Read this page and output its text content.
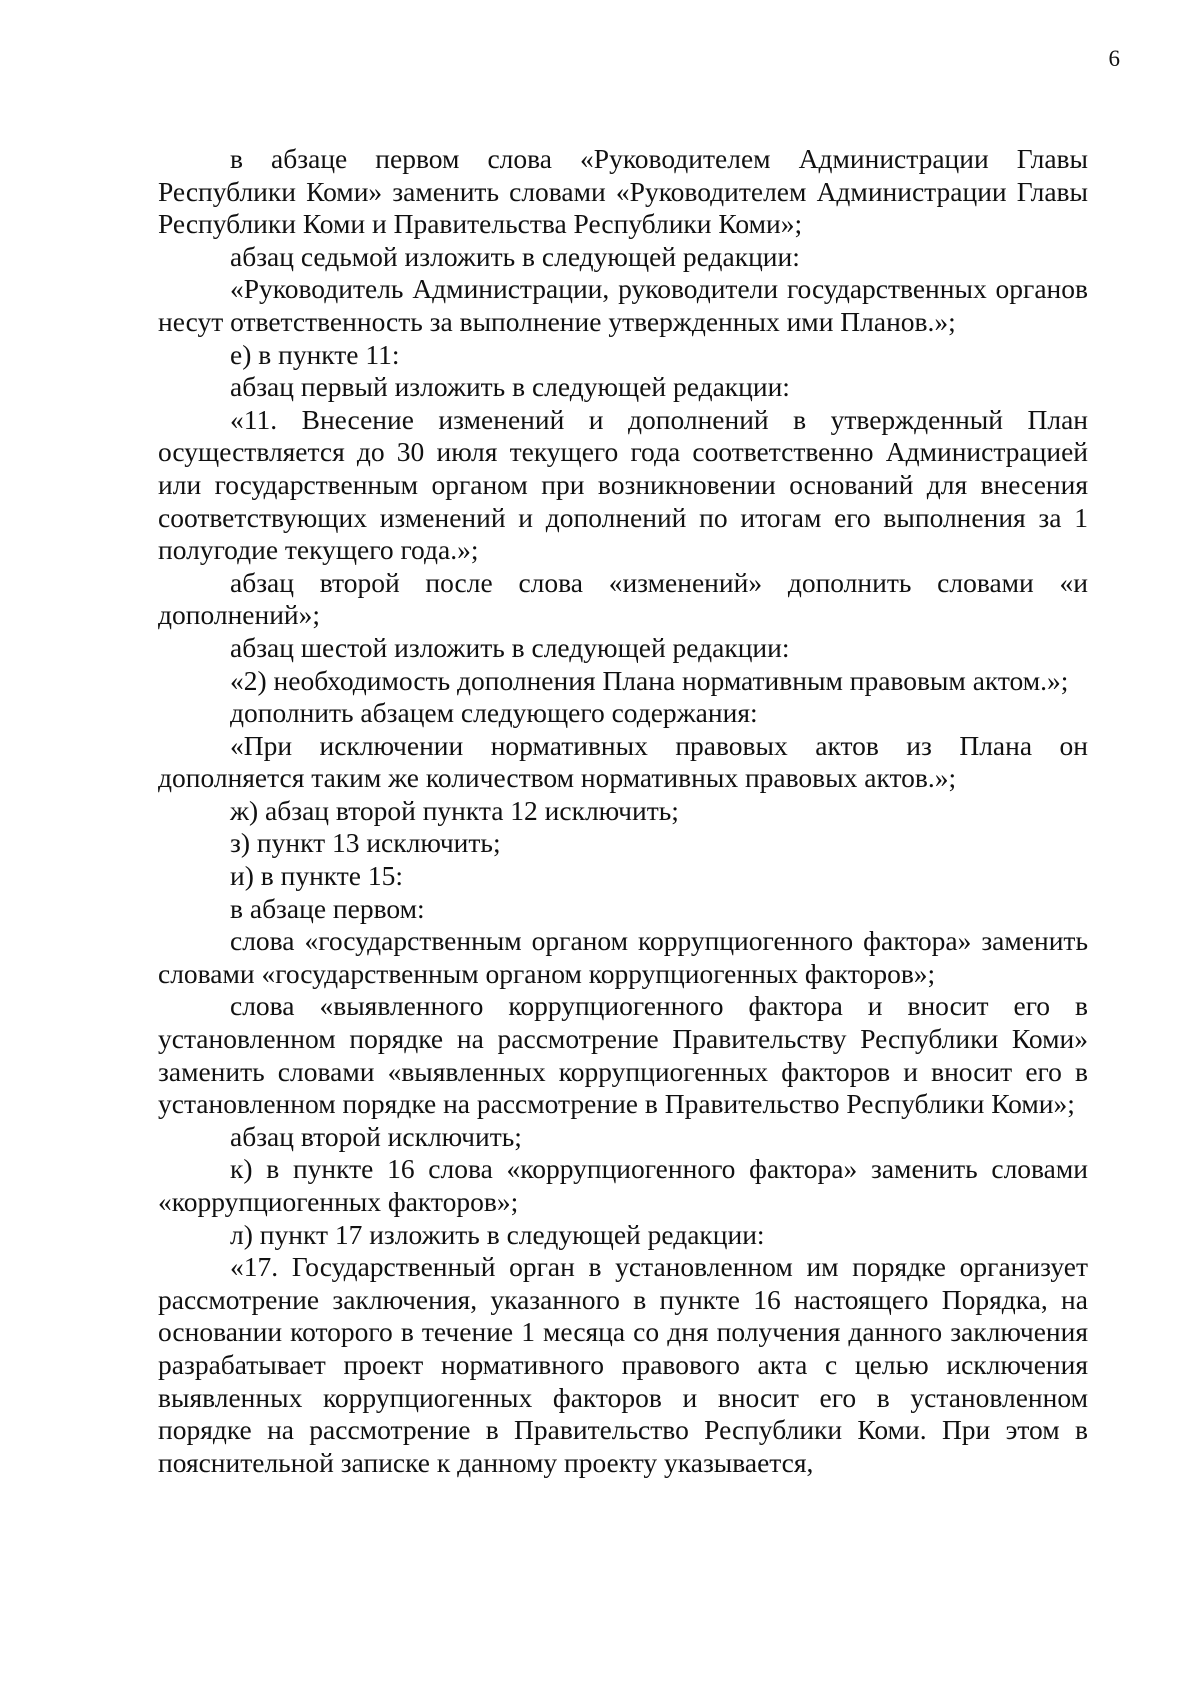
6

в абзаце первом слова «Руководителем Администрации Главы Республики Коми» заменить словами «Руководителем Администрации Главы Республики Коми и Правительства Республики Коми»;

абзац седьмой изложить в следующей редакции:

«Руководитель Администрации, руководители государственных органов несут ответственность за выполнение утвержденных ими Планов.»;

е) в пункте 11:

абзац первый изложить в следующей редакции:

«11. Внесение изменений и дополнений в утвержденный План осуществляется до 30 июля текущего года соответственно Администрацией или государственным органом при возникновении оснований для внесения соответствующих изменений и дополнений по итогам его выполнения за 1 полугодие текущего года.»;

абзац второй после слова «изменений» дополнить словами «и дополнений»;

абзац шестой изложить в следующей редакции:

«2) необходимость дополнения Плана нормативным правовым актом.»;

дополнить абзацем следующего содержания:

«При исключении нормативных правовых актов из Плана он дополняется таким же количеством нормативных правовых актов.»;

ж) абзац второй пункта 12 исключить;

з) пункт 13 исключить;

и) в пункте 15:

в абзаце первом:

слова «государственным органом коррупциогенного фактора» заменить словами «государственным органом коррупциогенных факторов»;

слова «выявленного коррупциогенного фактора и вносит его в установленном порядке на рассмотрение Правительству Республики Коми» заменить словами «выявленных коррупциогенных факторов и вносит его в установленном порядке на рассмотрение в Правительство Республики Коми»;

абзац второй исключить;

к) в пункте 16 слова «коррупциогенного фактора» заменить словами «коррупциогенных факторов»;

л) пункт 17 изложить в следующей редакции:

«17. Государственный орган в установленном им порядке организует рассмотрение заключения, указанного в пункте 16 настоящего Порядка, на основании которого в течение 1 месяца со дня получения данного заключения разрабатывает проект нормативного правового акта с целью исключения выявленных коррупциогенных факторов и вносит его в установленном порядке на рассмотрение в Правительство Республики Коми. При этом в пояснительной записке к данному проекту указывается,
